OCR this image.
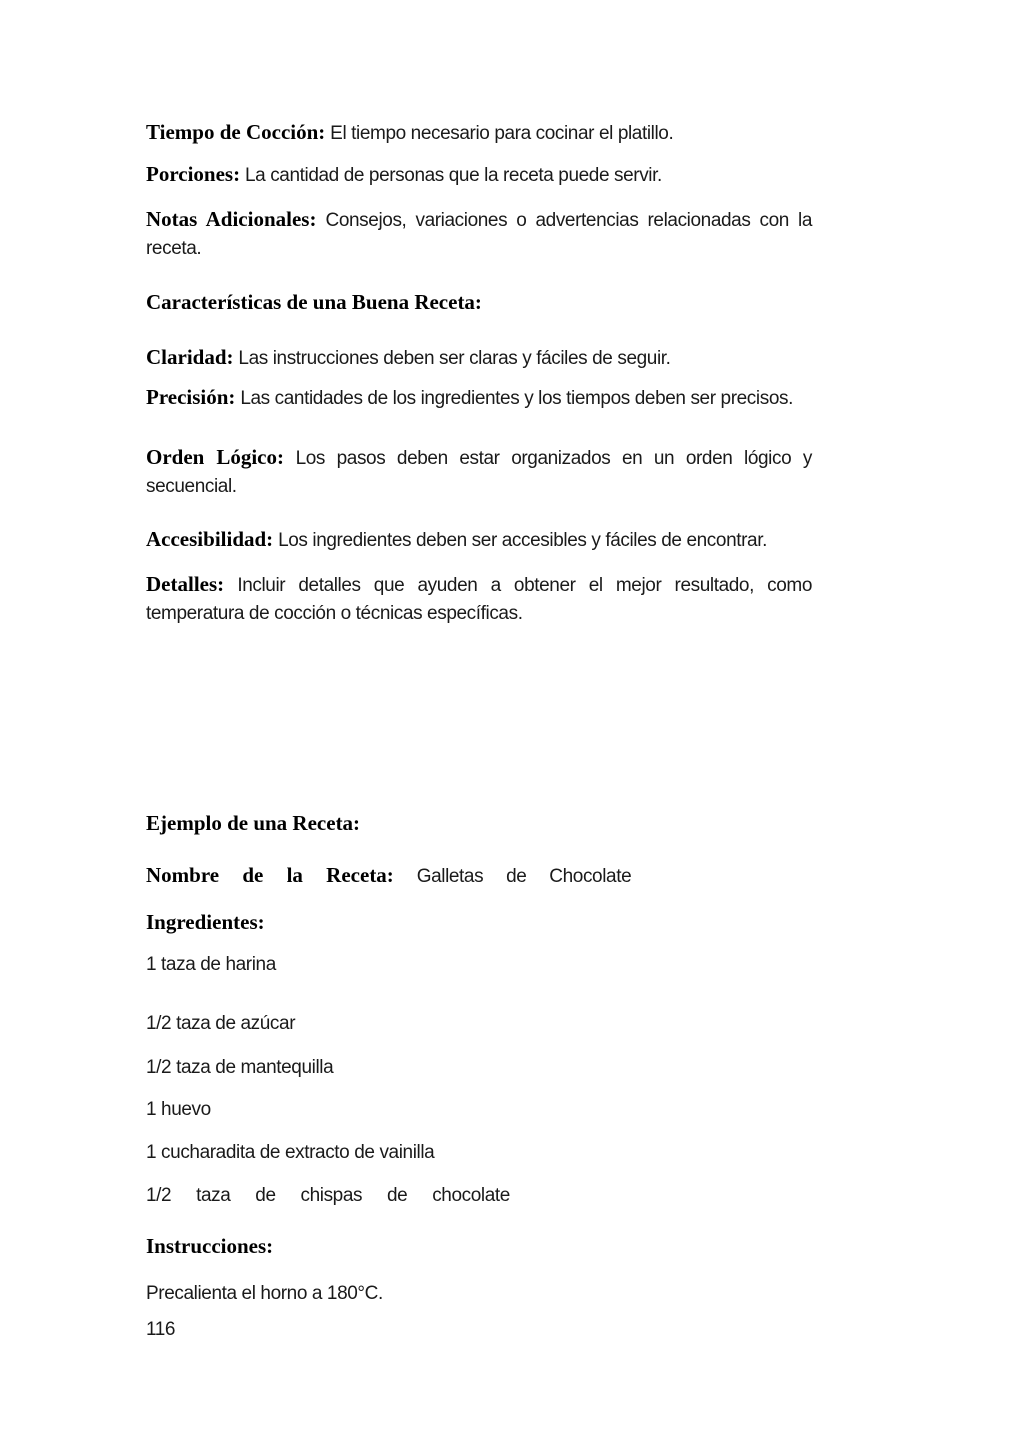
Tiempo de Cocción: El tiempo necesario para cocinar el platillo.

Porciones: La cantidad de personas que la receta puede servir.

Notas Adicionales: Consejos, variaciones o advertencias relacionadas con la

receta.

Características de una Buena Receta:

Claridad: Las instrucciones deben ser claras y fáciles de seguir.

Precisión: Las cantidades de los ingredientes y los tiempos deben ser precisos.

Orden Lógico: Los pasos deben estar organizados en un orden lógico y

secuencial.

Accesibilidad: Los ingredientes deben ser accesibles y fáciles de encontrar.

Detalles: Incluir detalles que ayuden a obtener el mejor resultado, como

temperatura de cocción o técnicas específicas.

Ejemplo de una Receta:

Nombre de la Receta: Galletas de Chocolate

Ingredientes:

1 taza de harina

1/2 taza de azúcar

1/2 taza de mantequilla

1 huevo

1 cucharadita de extracto de vainilla

1/2 taza de chispas de chocolate

Instrucciones:

Precalienta el horno a 180°C.

116
